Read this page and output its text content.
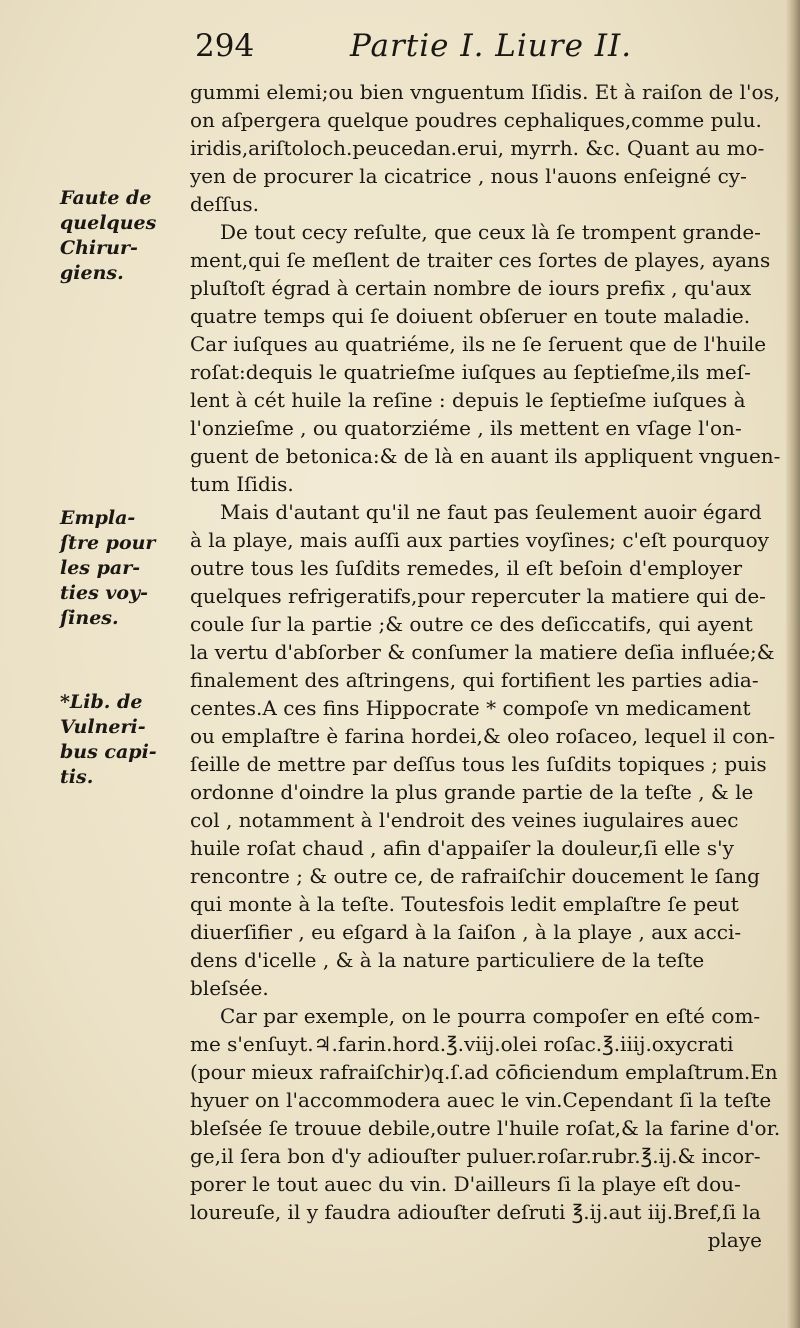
294	Partie I. Liure II.
Faute de
quelques
Chirur-
giens.
Empla-
ſtre pour
les par-
ties voy-
ſines.
*Lib. de
Vulneri-
bus capi-
tis.
gummi elemi;ou bien vnguentum Iſidis. Et à raiſon de l'os,
on aſpergera quelque poudres cephaliques,comme pulu.
iridis,ariſtoloch.peucedan.erui, myrrh. &c. Quant au mo-
yen de procurer la cicatrice , nous l'auons enſeigné cy-
deſſus.
De tout cecy reſulte, que ceux là ſe trompent grande-
ment,qui ſe meſlent de traiter ces ſortes de playes, ayans
pluſtoſt égrad à certain nombre de iours prefix , qu'aux
quatre temps qui ſe doiuent obſeruer en toute maladie.
Car iuſques au quatriéme, ils ne ſe ſeruent que de l'huile
roſat:dequis le quatrieſme iuſques au ſeptieſme,ils meſ-
lent à cét huile la reſine : depuis le ſeptieſme iuſques à
l'onzieſme , ou quatorziéme , ils mettent en vſage l'on-
guent de betonica:& de là en auant ils appliquent vnguen-
tum Iſidis.
Mais d'autant qu'il ne faut pas ſeulement auoir égard
à la playe, mais auſſi aux parties voyſines; c'eſt pourquoy
outre tous les ſuſdits remedes, il eſt beſoin d'employer
quelques refrigeratifs,pour repercuter la matiere qui de-
coule ſur la partie ;& outre ce des deſiccatifs, qui ayent
la vertu d'abſorber & conſumer la matiere deſia influée;&
finalement des aſtringens, qui fortifient les parties adia-
centes.A ces fins Hippocrate * compoſe vn medicament
ou emplaſtre è farina hordei,& oleo roſaceo, lequel il con-
ſeille de mettre par deſſus tous les ſuſdits topiques ; puis
ordonne d'oindre la plus grande partie de la teſte , & le
col , notamment à l'endroit des veines iugulaires auec
huile roſat chaud , afin d'appaiſer la douleur,ſi elle s'y
rencontre ; & outre ce, de rafraiſchir doucement le ſang
qui monte à la teſte. Toutesfois ledit emplaſtre ſe peut
diuerſifier , eu eſgard à la ſaiſon , à la playe , aux acci-
dens d'icelle , & à la nature particuliere de la teſte
bleſsée.
Car par exemple, on le pourra compoſer en eſté com-
me s'enſuyt.♃.farin.hord.℥.viij.olei roſac.℥.iiij.oxycrati
(pour mieux rafraiſchir)q.ſ.ad cōficiendum emplaſtrum.En
hyuer on l'accommodera auec le vin.Cependant ſi la teſte
bleſsée ſe trouue debile,outre l'huile roſat,& la farine d'or.
ge,il ſera bon d'y adiouſter puluer.roſar.rubr.℥.ij.& incor-
porer le tout auec du vin. D'ailleurs ſi la playe eſt dou-
loureuſe, il y faudra adiouſter deſruti ℥.ij.aut iij.Bref,ſi la
playe
